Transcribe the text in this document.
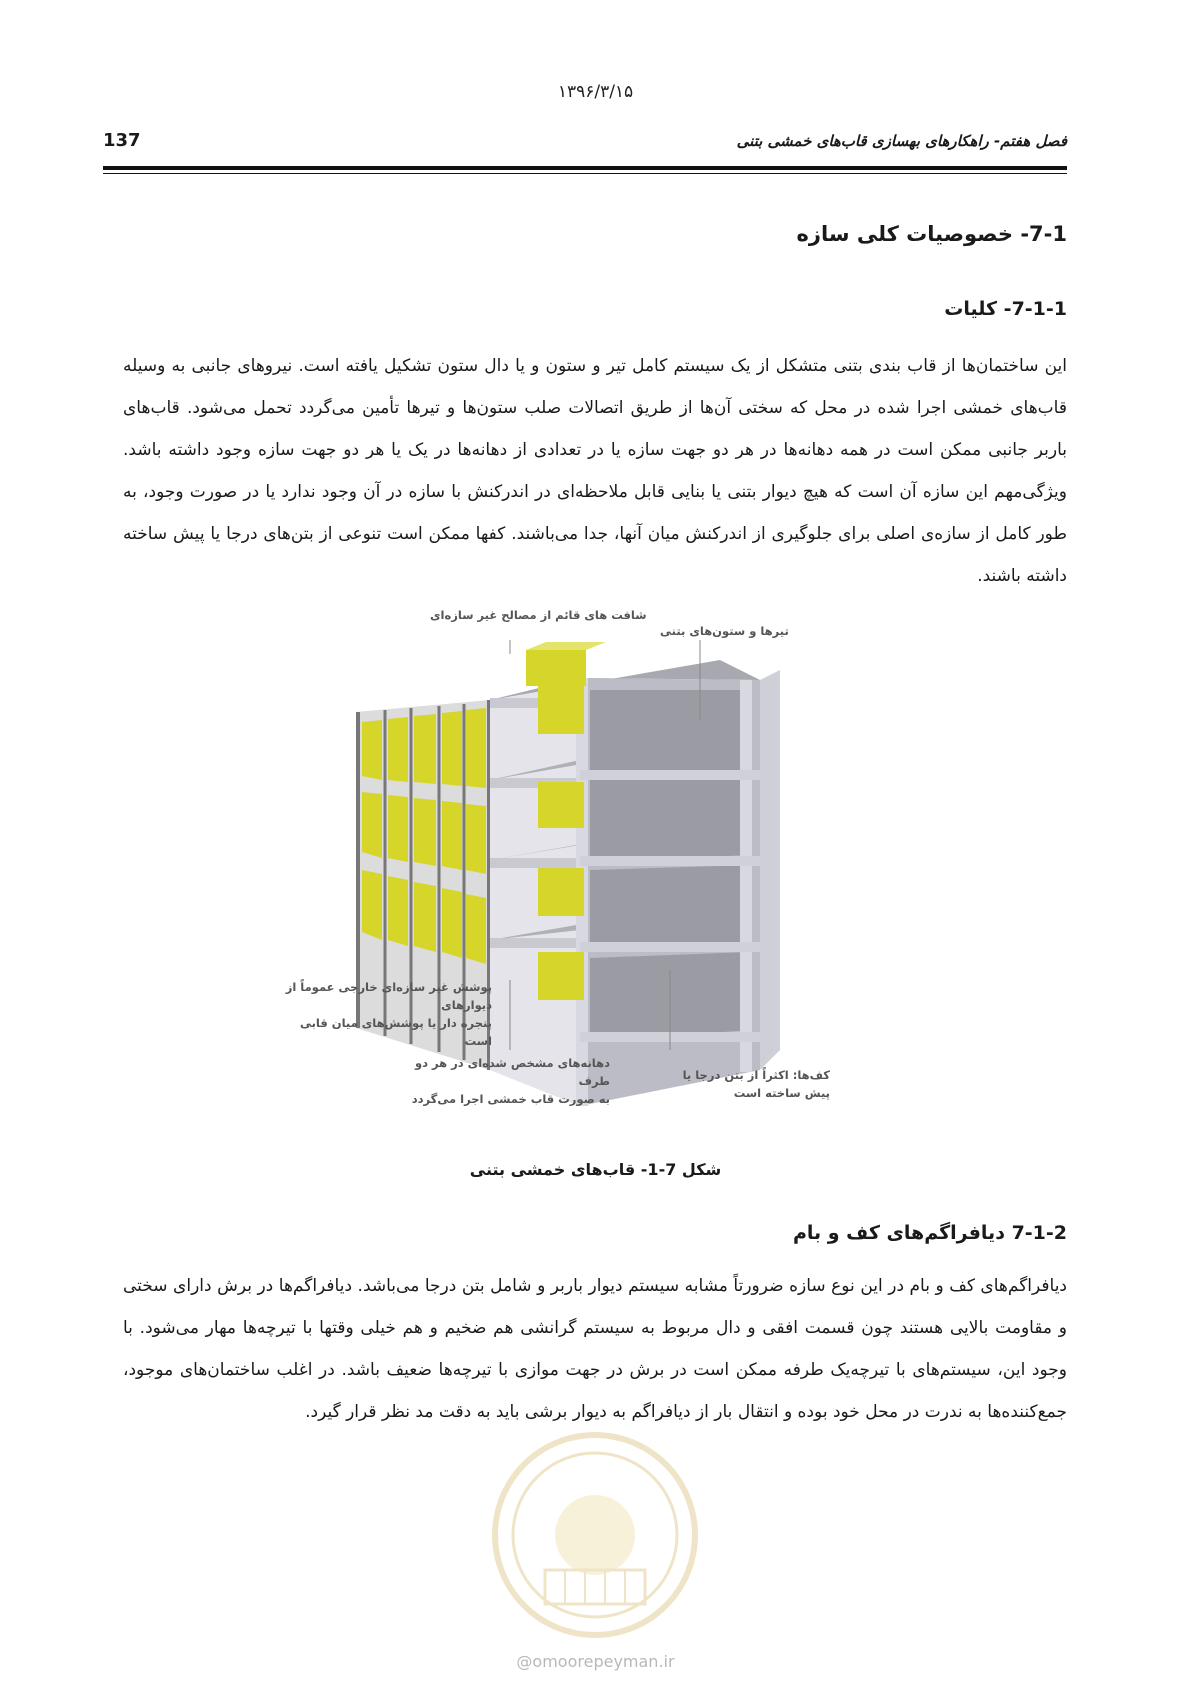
۱۳۹۶/۳/۱۵
137	فصل هفتم- راهکارهای بهسازی قاب‌های خمشی بتنی
7-1- خصوصیات کلی سازه
7-1-1- کلیات

این ساختمان‌ها از قاب بندی بتنی متشکل از یک سیستم کامل تیر و ستون و یا دال ستون تشکیل یافته است. نیروهای جانبی به وسیله قاب‌های خمشی اجرا شده در محل که سختی آن‌ها از طریق اتصالات صلب ستون‌ها و تیرها تأمین می‌گردد تحمل می‌شود. قاب‌های باربر جانبی ممکن است در همه دهانه‌ها در هر دو جهت سازه یا در تعدادی از دهانه‌ها در یک یا هر دو جهت سازه وجود داشته باشد. ویژگی‌مهم این سازه آن است که هیچ دیوار بتنی یا بنایی قابل ملاحظه‌ای در اندرکنش با سازه در آن وجود ندارد یا در صورت وجود، به طور کامل از سازه‌ی اصلی برای جلوگیری از اندرکنش میان آنها، جدا می‌باشند. کفها ممکن است تنوعی از بتن‌های درجا یا پیش ساخته داشته باشند.

شافت های قائم از مصالح غیر سازه‌ای
تیرها و ستون‌های بتنی
پوشش غیر سازه‌ای خارجی عموماً از دیوارهای
پنجره دار یا پوشش‌های میان قابی است
دهانه‌های مشخص شده‌ای در هر دو طرف
به صورت قاب خمشی اجرا می‌گردد
کف‌ها: اکثراً از بتن درجا یا
پیش ساخته است
شکل 7-1- قاب‌های خمشی بتنی
7-1-2 دیافراگم‌های کف و بام

دیافراگم‌های کف و بام در این نوع سازه ضرورتاً مشابه سیستم دیوار باربر و شامل بتن درجا می‌باشد. دیافراگم‌ها در برش دارای سختی و مقاومت بالایی هستند چون قسمت افقی و دال مربوط به سیستم گرانشی هم ضخیم و هم خیلی وقتها با تیرچه‌ها مهار می‌شود. با وجود این، سیستم‌های با تیرچه‌یک طرفه ممکن است در برش در جهت موازی با تیرچه‌ها ضعیف باشد. در اغلب ساختمان‌های موجود، جمع‌کننده‌ها به ندرت در محل خود بوده و انتقال بار از دیافراگم به دیوار برشی باید به دقت مد نظر قرار گیرد.

@omoorepeyman.ir
